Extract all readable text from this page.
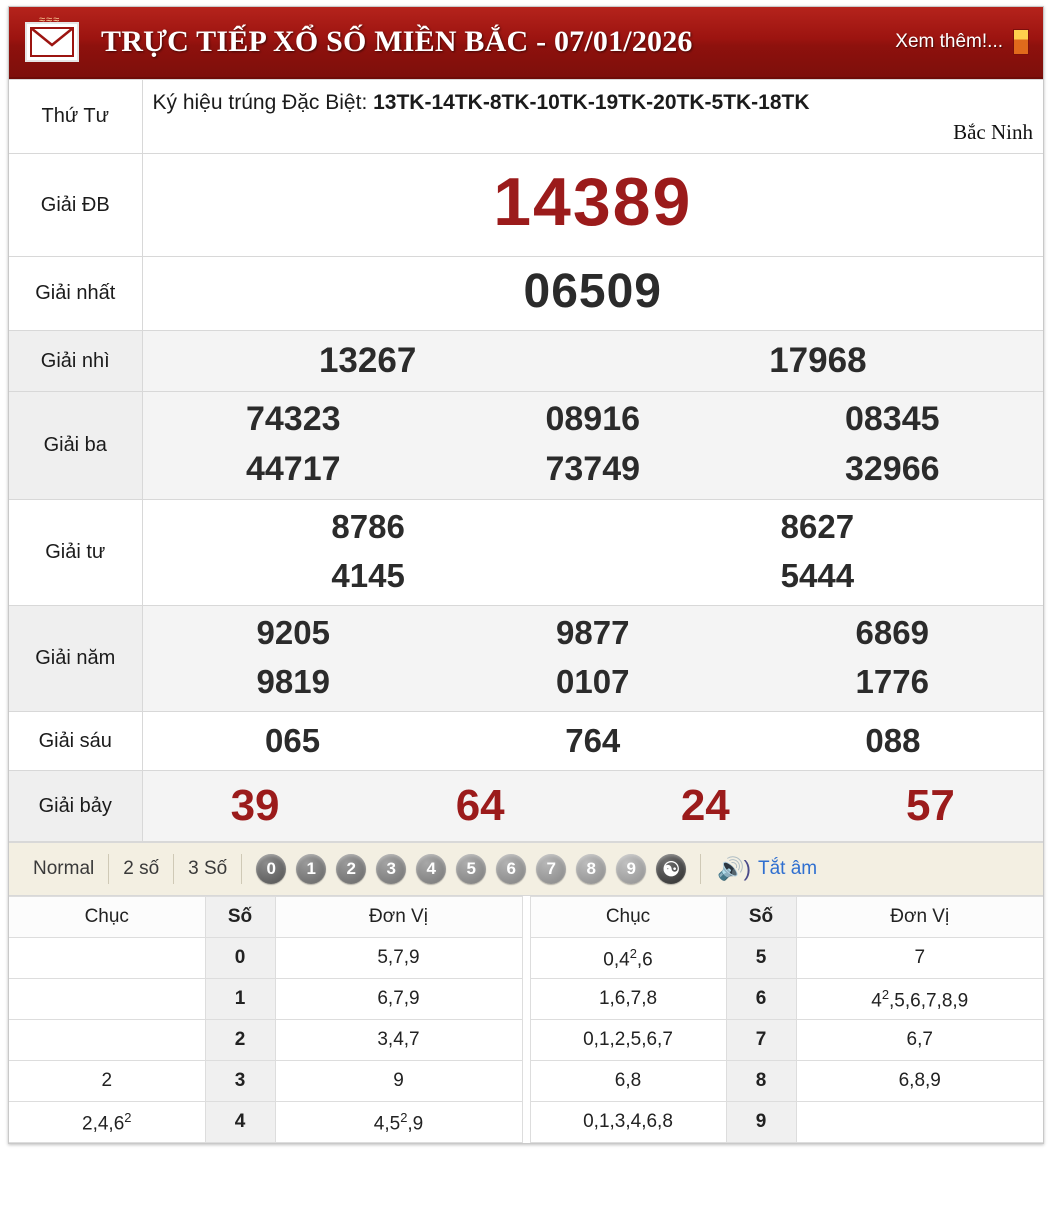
≈≈≈
TRỰC TIẾP XỔ SỐ MIỀN BẮC - 07/01/2026	Xem thêm!...
Thứ Tư	Ký hiệu trúng Đặc Biệt: 13TK-14TK-8TK-10TK-19TK-20TK-5TK-18TK
Bắc Ninh

Giải ĐB	14389

Giải nhất	06509

Giải nhì	13267 17968

Giải ba	
74323	08916	08345
44717	73749	32966

Giải tư	8786 8627
4145 5444

Giải năm	
9205	9877	6869
9819	0107	1776

Giải sáu	065 764 088

Giải bảy	39 64 24 57
Normal	2 số	3 Số	0	1	2	3	4	5	6	7	8	9	☯ 🔊) Tắt âm
Chục	Số	Đơn Vị		Chục	Số	Đơn Vị
	0	5,7,9		$0,4^2,6$	5	7
	1	6,7,9		1,6,7,8	6	$4^2,5,6,7,8,9$
	2	3,4,7		0,1,2,5,6,7	7	6,7
2	3	9		6,8	8	6,8,9
2,4,6$^2$	4	$4,5^2,9$		0,1,3,4,6,8	9	
